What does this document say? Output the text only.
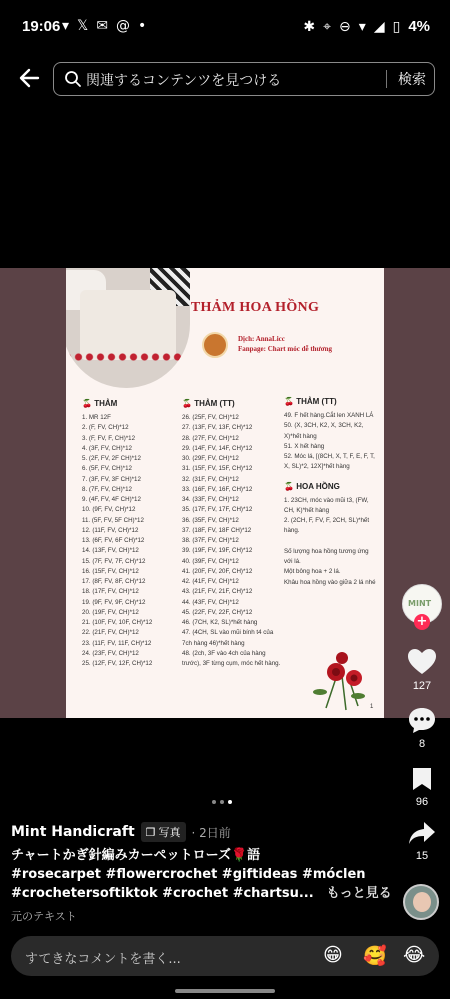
19:06 ▾ 𝕏 ✉ @ •	✱ ⌖ ⊖ ▾ ◢ ▯ 4%
関連するコンテンツを見つける	検索
THẢM HOA HỒNG
Dịch: AnnaLicc
Fanpage: Chart móc dễ thương
🍒 THẢM
1. MR 12F
2. (F, FV, CH)*12
3. (F, FV, F, CH)*12
4. (3F, FV, CH)*12
5. (2F, FV, 2F CH)*12
6. (5F, FV, CH)*12
7. (3F, FV, 3F CH)*12
8. (7F, FV, CH)*12
9. (4F, FV, 4F CH)*12
10. (9F, FV, CH)*12
11. (5F, FV, 5F CH)*12
12. (11F, FV, CH)*12
13. (6F, FV, 6F CH)*12
14. (13F, FV, CH)*12
15. (7F, FV, 7F, CH)*12
16. (15F, FV, CH)*12
17. (8F, FV, 8F, CH)*12
18. (17F, FV, CH)*12
19. (9F, FV, 9F, CH)*12
20. (19F, FV, CH)*12
21. (10F, FV, 10F, CH)*12
22. (21F, FV, CH)*12
23. (11F, FV, 11F, CH)*12
24. (23F, FV, CH)*12
25. (12F, FV, 12F, CH)*12
🍒 THẢM (TT)
26. (25F, FV, CH)*12
27. (13F, FV, 13F, CH)*12
28. (27F, FV, CH)*12
29. (14F, FV, 14F, CH)*12
30. (29F, FV, CH)*12
31. (15F, FV, 15F, CH)*12
32. (31F, FV, CH)*12
33. (16F, FV, 16F, CH)*12
34. (33F, FV, CH)*12
35. (17F, FV, 17F, CH)*12
36. (35F, FV, CH)*12
37. (18F, FV, 18F CH)*12
38. (37F, FV, CH)*12
39. (19F, FV, 19F, CH)*12
40. (39F, FV, CH)*12
41. (20F, FV, 20F, CH)*12
42. (41F, FV, CH)*12
43. (21F, FV, 21F, CH)*12
44. (43F, FV, CH)*12
45. (22F, FV, 22F, CH)*12
46. (7CH, K2, SL)*hết hàng
47. (4CH, SL vào mũi bính t4 của 7ch hàng 46)*hết hàng
48. (2ch, 3F vào 4ch của hàng trước), 3F từng cụm, móc hết hàng.
🍒 THẢM (TT)
49. F hết hàng.Cắt len XANH LÁ
50. (X, 3CH, K2, X, 3CH, K2, X)*hết hàng
51. X hết hàng
52. Móc lá, [(8CH, X, T, F, E, F, T, X, SL)*2, 12X]*hết hàng
🍒 HOA HỒNG
1. 23CH, móc vào mũi t3, (FW, CH, K)*hết hàng
2. (2CH, F, FV, F, 2CH, SL)*hết hàng.

Số lượng hoa hồng tương ứng với lá.
Một bông hoa + 2 lá.
Khâu hoa hồng vào giữa 2 lá nhé
1
MINT
+
127
8
96
15
Mint Handicraft ❐ 写真 · 2日前
チャートかぎ針編みカーペットローズ🌹語
#rosecarpet #flowercrochet #giftideas #móclen #crochetersoftiktok #crochet #chartsu...　 もっと見る
元のテキスト
すてきなコメントを書く...	😁 🥰 😂
